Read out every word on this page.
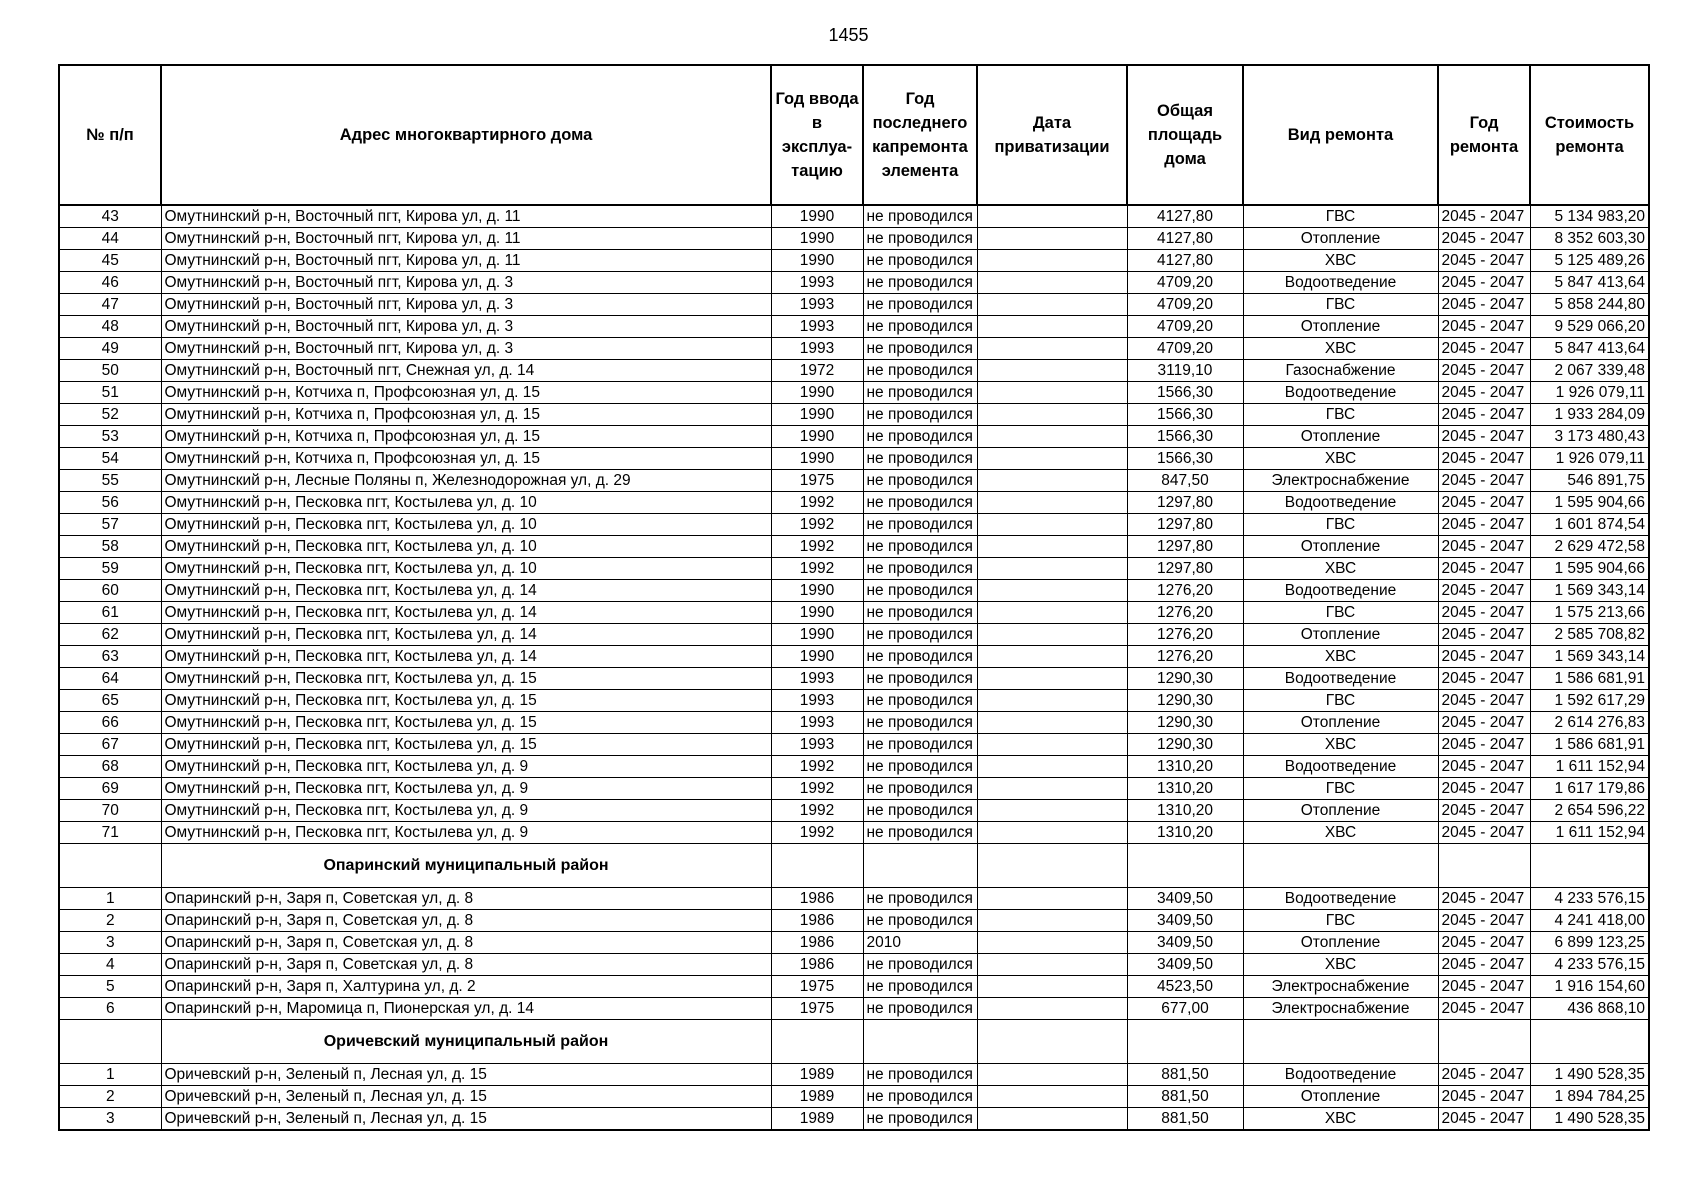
1455
№ п/п	Адрес многоквартирного дома	Год ввода в эксплуа-тацию	Год последнего капремонта элемента	Дата приватизации	Общая площадь дома	Вид ремонта	Год ремонта	Стоимость ремонта
43	Омутнинский р-н, Восточный пгт, Кирова ул, д. 11	1990	не проводился		4127,80	ГВС	2045 - 2047	5 134 983,20
44	Омутнинский р-н, Восточный пгт, Кирова ул, д. 11	1990	не проводился		4127,80	Отопление	2045 - 2047	8 352 603,30
45	Омутнинский р-н, Восточный пгт, Кирова ул, д. 11	1990	не проводился		4127,80	ХВС	2045 - 2047	5 125 489,26
46	Омутнинский р-н, Восточный пгт, Кирова ул, д. 3	1993	не проводился		4709,20	Водоотведение	2045 - 2047	5 847 413,64
47	Омутнинский р-н, Восточный пгт, Кирова ул, д. 3	1993	не проводился		4709,20	ГВС	2045 - 2047	5 858 244,80
48	Омутнинский р-н, Восточный пгт, Кирова ул, д. 3	1993	не проводился		4709,20	Отопление	2045 - 2047	9 529 066,20
49	Омутнинский р-н, Восточный пгт, Кирова ул, д. 3	1993	не проводился		4709,20	ХВС	2045 - 2047	5 847 413,64
50	Омутнинский р-н, Восточный пгт, Снежная ул, д. 14	1972	не проводился		3119,10	Газоснабжение	2045 - 2047	2 067 339,48
51	Омутнинский р-н, Котчиха п, Профсоюзная ул, д. 15	1990	не проводился		1566,30	Водоотведение	2045 - 2047	1 926 079,11
52	Омутнинский р-н, Котчиха п, Профсоюзная ул, д. 15	1990	не проводился		1566,30	ГВС	2045 - 2047	1 933 284,09
53	Омутнинский р-н, Котчиха п, Профсоюзная ул, д. 15	1990	не проводился		1566,30	Отопление	2045 - 2047	3 173 480,43
54	Омутнинский р-н, Котчиха п, Профсоюзная ул, д. 15	1990	не проводился		1566,30	ХВС	2045 - 2047	1 926 079,11
55	Омутнинский р-н, Лесные Поляны п, Железнодорожная ул, д. 29	1975	не проводился		847,50	Электроснабжение	2045 - 2047	546 891,75
56	Омутнинский р-н, Песковка пгт, Костылева ул, д. 10	1992	не проводился		1297,80	Водоотведение	2045 - 2047	1 595 904,66
57	Омутнинский р-н, Песковка пгт, Костылева ул, д. 10	1992	не проводился		1297,80	ГВС	2045 - 2047	1 601 874,54
58	Омутнинский р-н, Песковка пгт, Костылева ул, д. 10	1992	не проводился		1297,80	Отопление	2045 - 2047	2 629 472,58
59	Омутнинский р-н, Песковка пгт, Костылева ул, д. 10	1992	не проводился		1297,80	ХВС	2045 - 2047	1 595 904,66
60	Омутнинский р-н, Песковка пгт, Костылева ул, д. 14	1990	не проводился		1276,20	Водоотведение	2045 - 2047	1 569 343,14
61	Омутнинский р-н, Песковка пгт, Костылева ул, д. 14	1990	не проводился		1276,20	ГВС	2045 - 2047	1 575 213,66
62	Омутнинский р-н, Песковка пгт, Костылева ул, д. 14	1990	не проводился		1276,20	Отопление	2045 - 2047	2 585 708,82
63	Омутнинский р-н, Песковка пгт, Костылева ул, д. 14	1990	не проводился		1276,20	ХВС	2045 - 2047	1 569 343,14
64	Омутнинский р-н, Песковка пгт, Костылева ул, д. 15	1993	не проводился		1290,30	Водоотведение	2045 - 2047	1 586 681,91
65	Омутнинский р-н, Песковка пгт, Костылева ул, д. 15	1993	не проводился		1290,30	ГВС	2045 - 2047	1 592 617,29
66	Омутнинский р-н, Песковка пгт, Костылева ул, д. 15	1993	не проводился		1290,30	Отопление	2045 - 2047	2 614 276,83
67	Омутнинский р-н, Песковка пгт, Костылева ул, д. 15	1993	не проводился		1290,30	ХВС	2045 - 2047	1 586 681,91
68	Омутнинский р-н, Песковка пгт, Костылева ул, д. 9	1992	не проводился		1310,20	Водоотведение	2045 - 2047	1 611 152,94
69	Омутнинский р-н, Песковка пгт, Костылева ул, д. 9	1992	не проводился		1310,20	ГВС	2045 - 2047	1 617 179,86
70	Омутнинский р-н, Песковка пгт, Костылева ул, д. 9	1992	не проводился		1310,20	Отопление	2045 - 2047	2 654 596,22
71	Омутнинский р-н, Песковка пгт, Костылева ул, д. 9	1992	не проводился		1310,20	ХВС	2045 - 2047	1 611 152,94
	Опаринский муниципальный район							
1	Опаринский р-н, Заря п, Советская ул, д. 8	1986	не проводился		3409,50	Водоотведение	2045 - 2047	4 233 576,15
2	Опаринский р-н, Заря п, Советская ул, д. 8	1986	не проводился		3409,50	ГВС	2045 - 2047	4 241 418,00
3	Опаринский р-н, Заря п, Советская ул, д. 8	1986	2010		3409,50	Отопление	2045 - 2047	6 899 123,25
4	Опаринский р-н, Заря п, Советская ул, д. 8	1986	не проводился		3409,50	ХВС	2045 - 2047	4 233 576,15
5	Опаринский р-н, Заря п, Халтурина ул, д. 2	1975	не проводился		4523,50	Электроснабжение	2045 - 2047	1 916 154,60
6	Опаринский р-н, Маромица п, Пионерская ул, д. 14	1975	не проводился		677,00	Электроснабжение	2045 - 2047	436 868,10
	Оричевский муниципальный район							
1	Оричевский р-н, Зеленый п, Лесная ул, д. 15	1989	не проводился		881,50	Водоотведение	2045 - 2047	1 490 528,35
2	Оричевский р-н, Зеленый п, Лесная ул, д. 15	1989	не проводился		881,50	Отопление	2045 - 2047	1 894 784,25
3	Оричевский р-н, Зеленый п, Лесная ул, д. 15	1989	не проводился		881,50	ХВС	2045 - 2047	1 490 528,35
